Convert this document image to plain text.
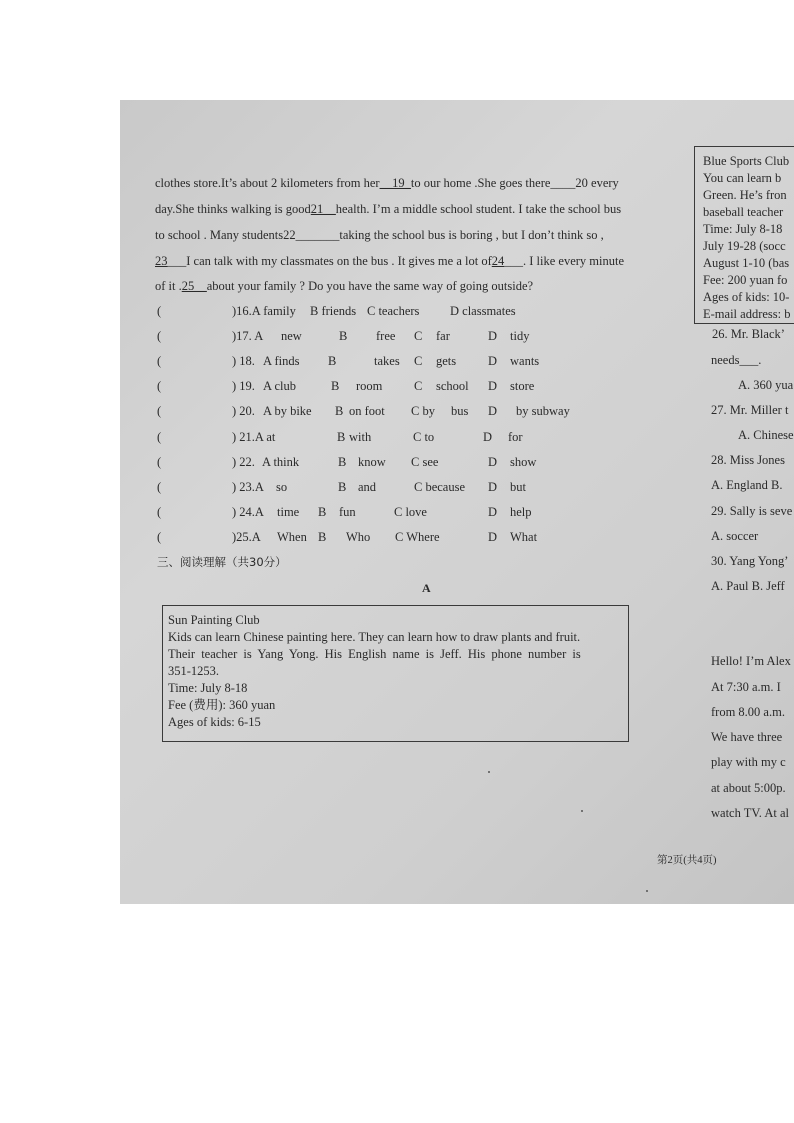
clothes store.It’s about 2 kilometers from her__19_to our home .She goes there____20 every
day.She thinks walking is good21__health. I’m a middle school student. I take the school bus
to school . Many students22_______taking the school bus is boring , but I don’t think so ,
23___I can talk with my classmates on the bus . It gives me a lot of24___. I like every minute
of it .25__about your family ? Do you have the same way of going outside?
(	)16.A family B friends C teachers D classmates
(	)17. A new	B free C far	D tidy
(	) 18. A finds B	takes C gets	D wants
(	) 19. A club	B room	C school D store
(	) 20. A by bike B on foot C by bus D by subway
(	) 21.A at	B with	C to	D for
(	) 22. A think	B know C see	D show
(	) 23.A so	B and	C because D but
(	) 24.A time B fun	C love	D help
(	)25.A When B Who C Where	D What
三、阅读理解（共30分）
A
Sun Painting Club
Kids can learn Chinese painting here. They can learn how to draw plants and fruit.
Their teacher is Yang Yong. His English name is Jeff. His phone number is
351-1253.
Time: July 8-18
Fee (费用): 360 yuan
Ages of kids: 6-15
Blue Sports Club
You can learn b
Green. He’s fron
baseball teacher
Time: July 8-18
July 19-28 (socc
August 1-10 (bas
Fee: 200 yuan fo
Ages of kids: 10-
E-mail address: b
26. Mr. Black’
needs___.
A. 360 yua
27. Mr. Miller t
A. Chinese
28. Miss Jones
A. England B.
29. Sally is seve
A. soccer
30. Yang Yong’
A. Paul B. Jeff
Hello! I’m Alex
At 7:30 a.m. I
from 8.00 a.m.
We have three
play with my c
at about 5:00p.
watch TV. At al
第2页(共4页)
